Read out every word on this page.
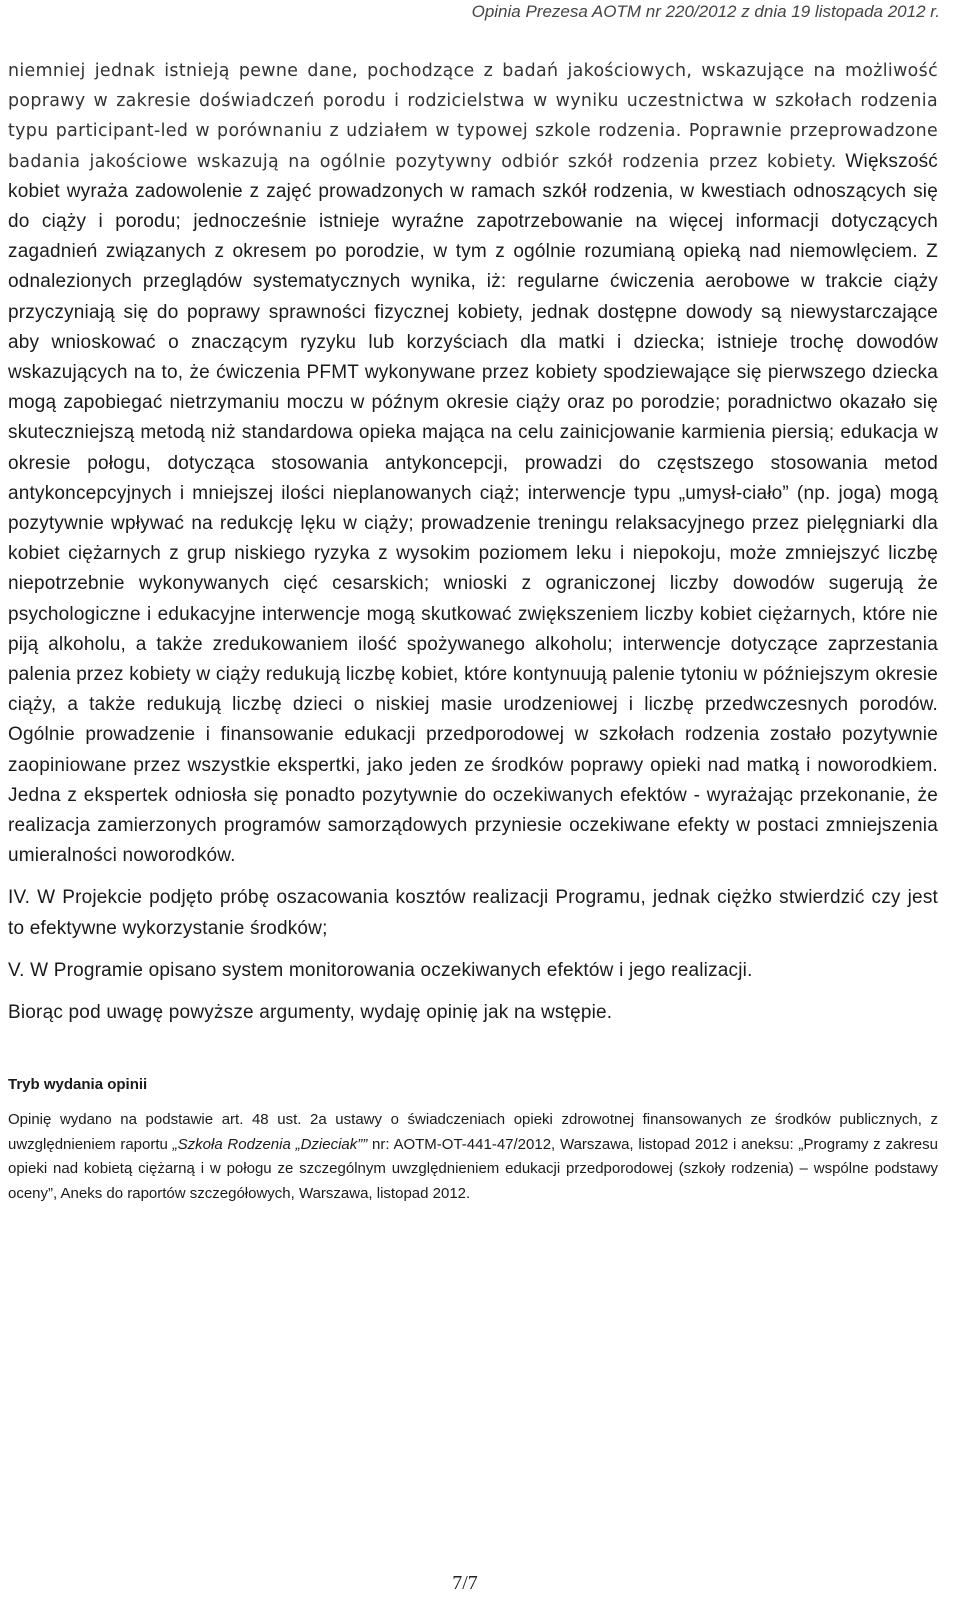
Opinia Prezesa AOTM nr 220/2012 z dnia 19 listopada 2012 r.

niemniej jednak istnieją pewne dane, pochodzące z badań jakościowych, wskazujące na możliwość poprawy w zakresie doświadczeń porodu i rodzicielstwa w wyniku uczestnictwa w szkołach rodzenia typu participant-led w porównaniu z udziałem w typowej szkole rodzenia. Poprawnie przeprowadzone badania jakościowe wskazują na ogólnie pozytywny odbiór szkół rodzenia przez kobiety. Większość kobiet wyraża zadowolenie z zajęć prowadzonych w ramach szkół rodzenia, w kwestiach odnoszących się do ciąży i porodu; jednocześnie istnieje wyraźne zapotrzebowanie na więcej informacji dotyczących zagadnień związanych z okresem po porodzie, w tym z ogólnie rozumianą opieką nad niemowlęciem. Z odnalezionych przeglądów systematycznych wynika, iż: regularne ćwiczenia aerobowe w trakcie ciąży przyczyniają się do poprawy sprawności fizycznej kobiety, jednak dostępne dowody są niewystarczające aby wnioskować o znaczącym ryzyku lub korzyściach dla matki i dziecka; istnieje trochę dowodów wskazujących na to, że ćwiczenia PFMT wykonywane przez kobiety spodziewające się pierwszego dziecka mogą zapobiegać nietrzymaniu moczu w późnym okresie ciąży oraz po porodzie; poradnictwo okazało się skuteczniejszą metodą niż standardowa opieka mająca na celu zainicjowanie karmienia piersią; edukacja w okresie połogu, dotycząca stosowania antykoncepcji, prowadzi do częstszego stosowania metod antykoncepcyjnych i mniejszej ilości nieplanowanych ciąż; interwencje typu „umysł-ciało” (np. joga) mogą pozytywnie wpływać na redukcję lęku w ciąży; prowadzenie treningu relaksacyjnego przez pielęgniarki dla kobiet ciężarnych z grup niskiego ryzyka z wysokim poziomem leku i niepokoju, może zmniejszyć liczbę niepotrzebnie wykonywanych cięć cesarskich; wnioski z ograniczonej liczby dowodów sugerują że psychologiczne i edukacyjne interwencje mogą skutkować zwiększeniem liczby kobiet ciężarnych, które nie piją alkoholu, a także zredukowaniem ilość spożywanego alkoholu; interwencje dotyczące zaprzestania palenia przez kobiety w ciąży redukują liczbę kobiet, które kontynuują palenie tytoniu w późniejszym okresie ciąży, a także redukują liczbę dzieci o niskiej masie urodzeniowej i liczbę przedwczesnych porodów. Ogólnie prowadzenie i finansowanie edukacji przedporodowej w szkołach rodzenia zostało pozytywnie zaopiniowane przez wszystkie ekspertki, jako jeden ze środków poprawy opieki nad matką i noworodkiem. Jedna z ekspertek odniosła się ponadto pozytywnie do oczekiwanych efektów - wyrażając przekonanie, że realizacja zamierzonych programów samorządowych przyniesie oczekiwane efekty w postaci zmniejszenia umieralności noworodków.

IV. W Projekcie podjęto próbę oszacowania kosztów realizacji Programu, jednak ciężko stwierdzić czy jest to efektywne wykorzystanie środków;

V. W Programie opisano system monitorowania oczekiwanych efektów i jego realizacji.

Biorąc pod uwagę powyższe argumenty, wydaję opinię jak na wstępie.

Tryb wydania opinii

Opinię wydano na podstawie art. 48 ust. 2a ustawy o świadczeniach opieki zdrowotnej finansowanych ze środków publicznych, z uwzględnieniem raportu „Szkoła Rodzenia „Dzieciak”” nr: AOTM-OT-441-47/2012, Warszawa, listopad 2012 i aneksu: „Programy z zakresu opieki nad kobietą ciężarną i w połogu ze szczególnym uwzględnieniem edukacji przedporodowej (szkoły rodzenia) – wspólne podstawy oceny”, Aneks do raportów szczegółowych, Warszawa, listopad 2012.

7/7
